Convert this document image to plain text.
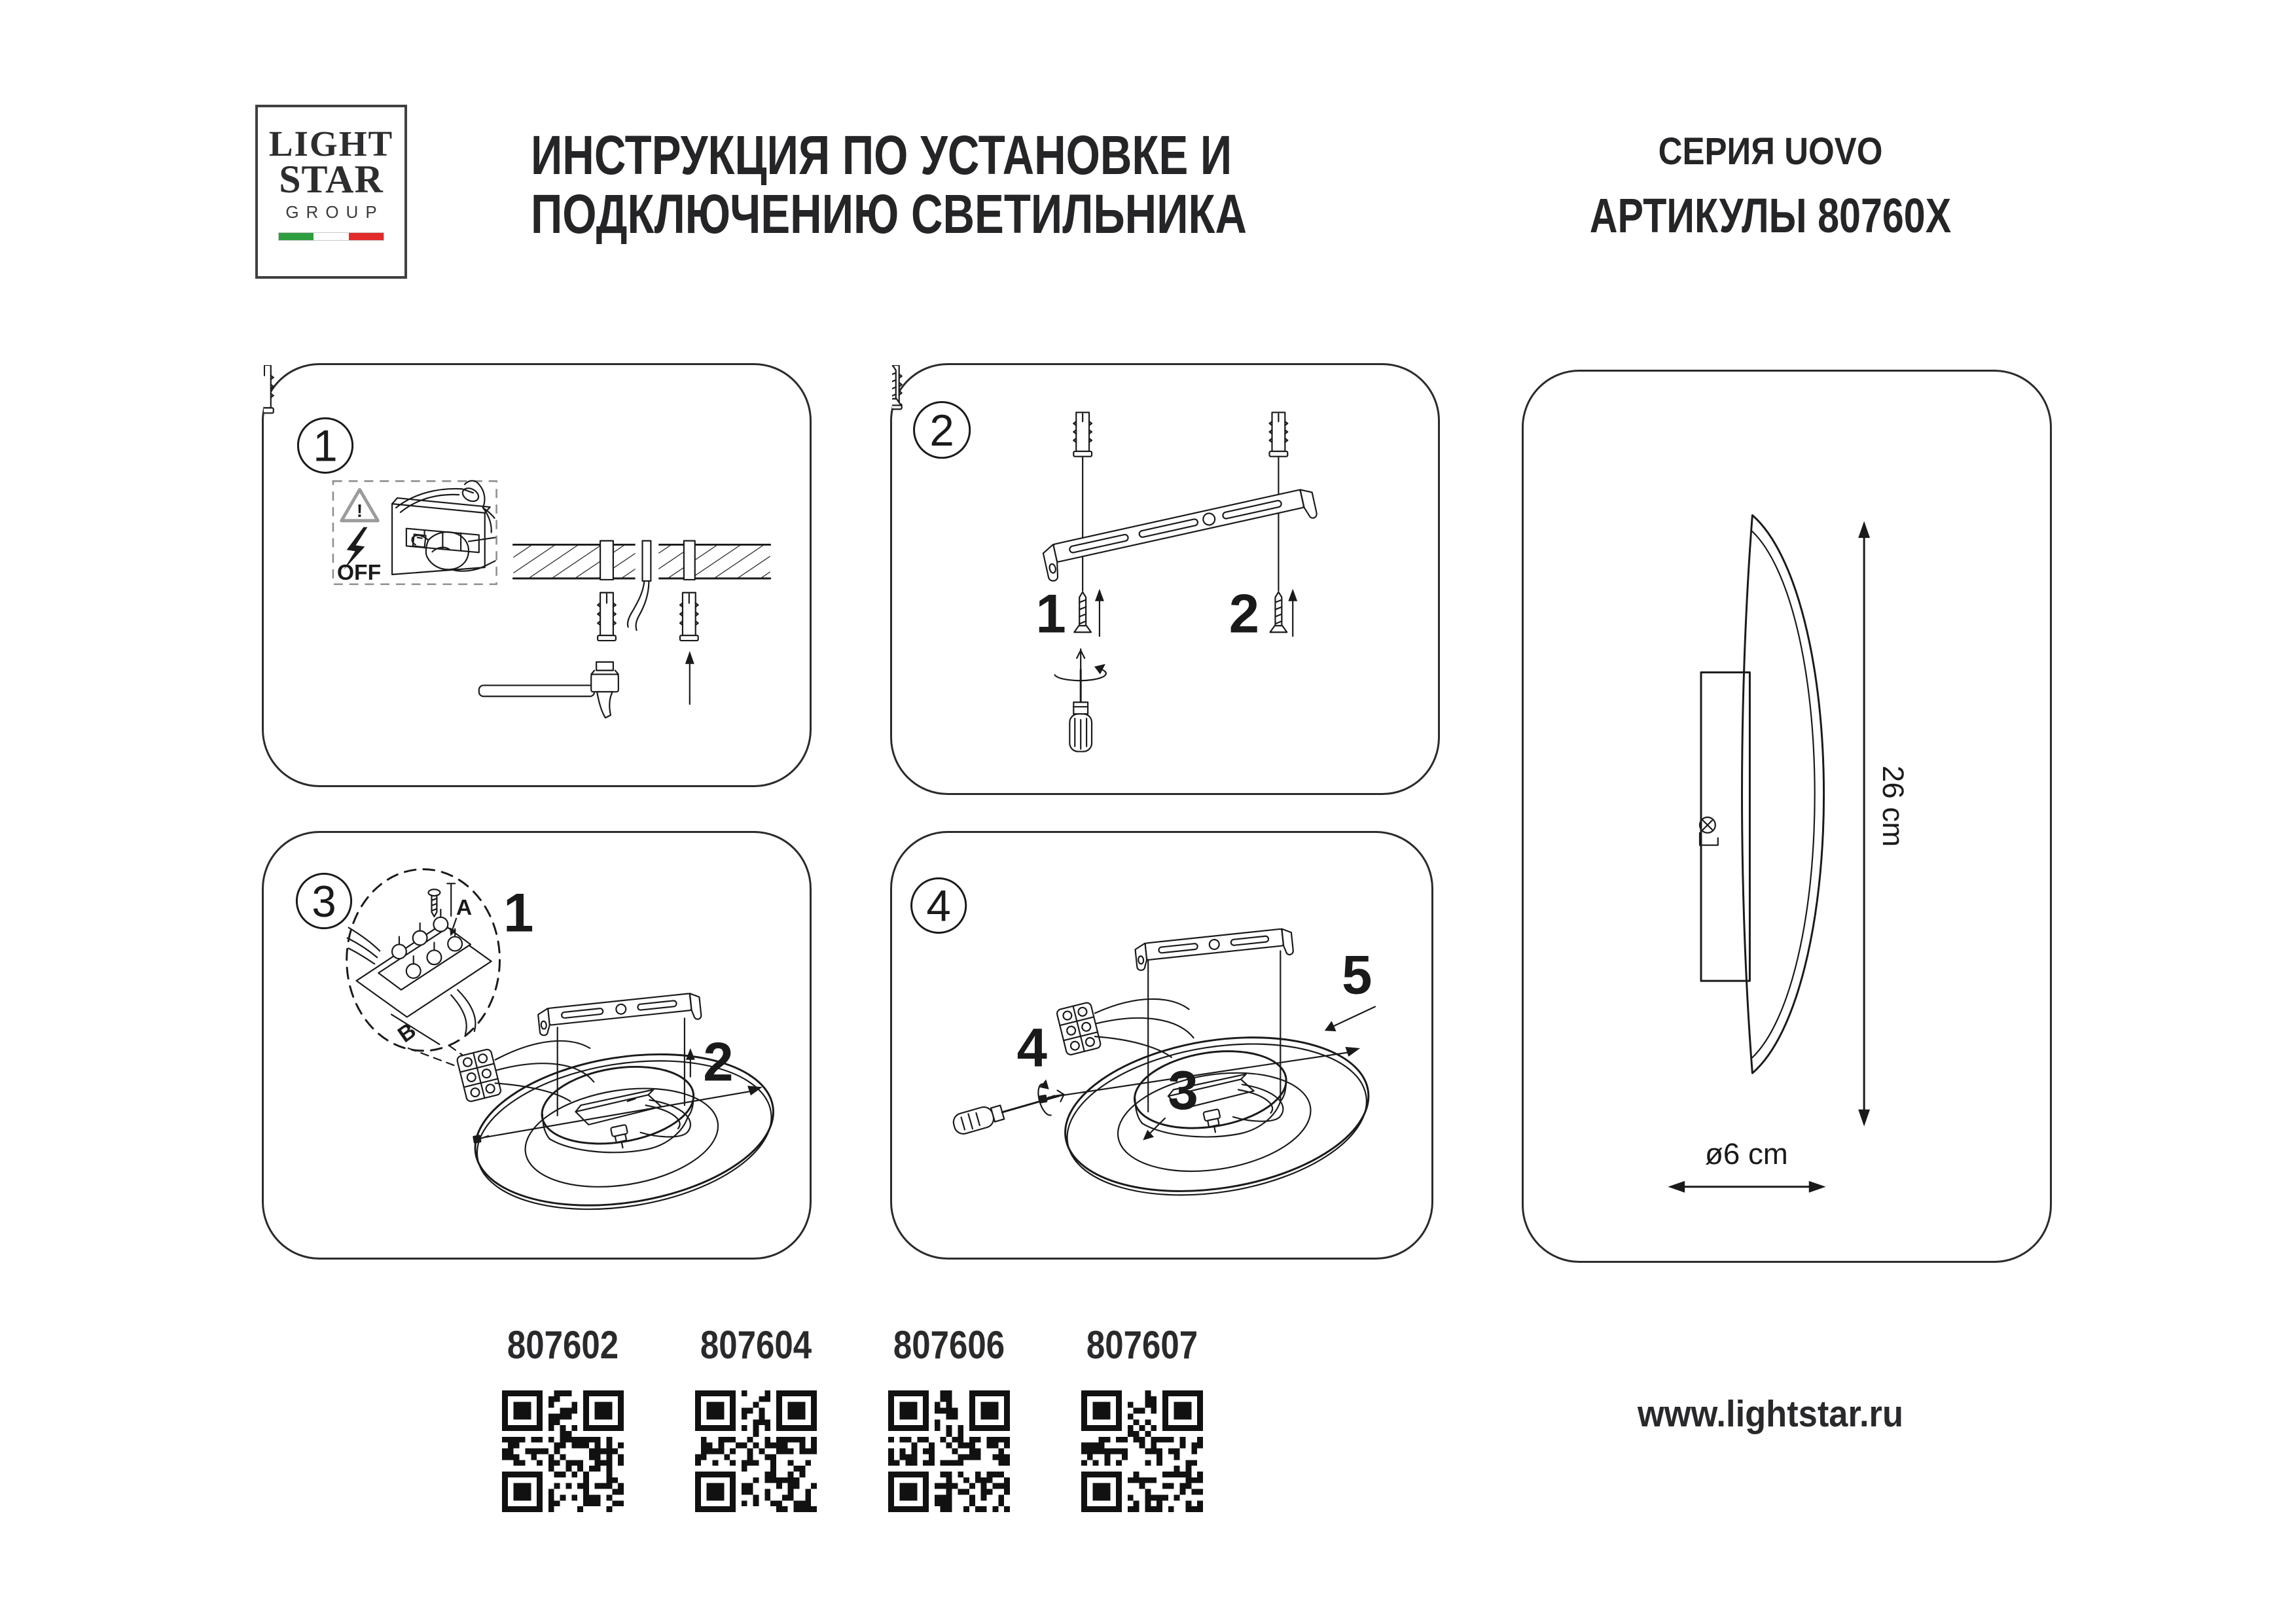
LIGHT
STAR
GROUP
ИНСТРУКЦИЯ ПО УСТАНОВКЕ И
ПОДКЛЮЧЕНИЮ СВЕТИЛЬНИКА
СЕРИЯ UOVO
АРТИКУЛЫ 80760X
1
!
OFF
2
1	2
3	A
B
1
2
4
4
3
5
26 cm
ø6 cm
807602 807604 807606 807607
www.lightstar.ru
